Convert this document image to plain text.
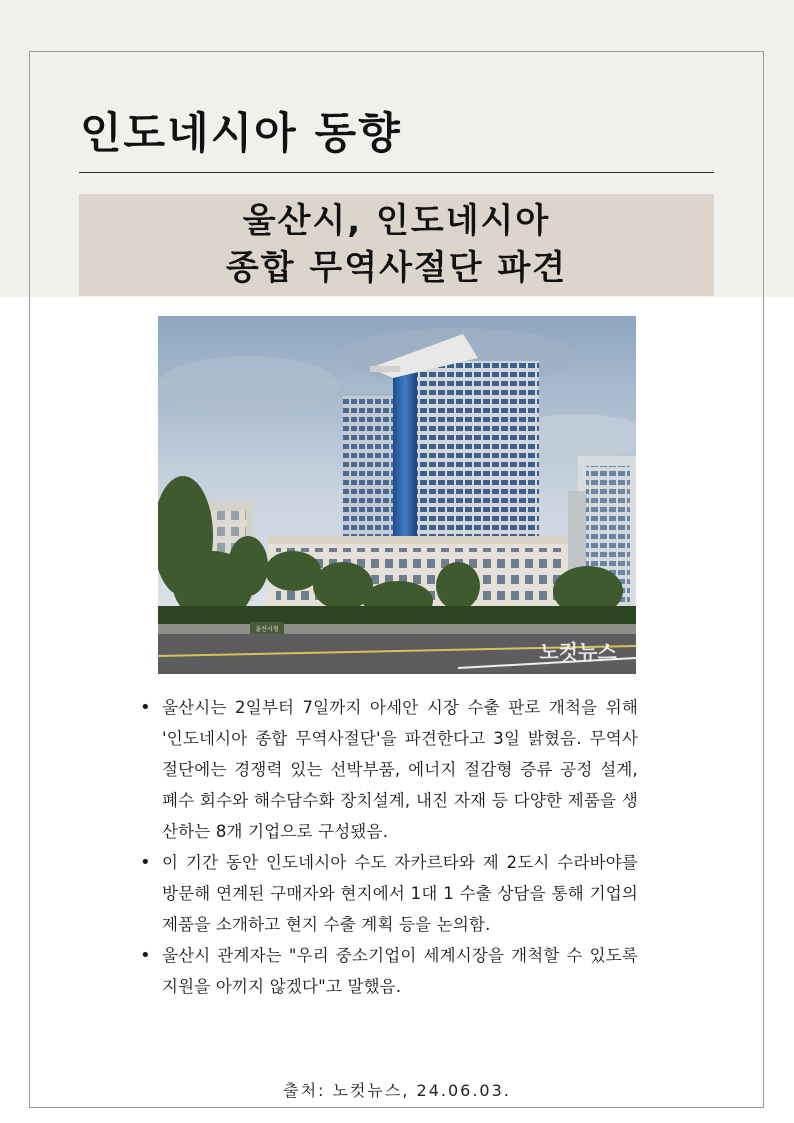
인도네시아 동향
울산시, 인도네시아
종합 무역사절단 파견
울산시청
노컷뉴스
• 울산시는 2일부터 7일까지 아세안 시장 수출 판로 개척을 위해 '인도네시아 종합 무역사절단'을 파견한다고 3일 밝혔음. 무역사절단에는 경쟁력 있는 선박부품, 에너지 절감형 증류 공정 설계, 폐수 회수와 해수담수화 장치설계, 내진 자재 등 다양한 제품을 생산하는 8개 기업으로 구성됐음.
• 이 기간 동안 인도네시아 수도 자카르타와 제 2도시 수라바야를 방문해 연계된 구매자와 현지에서 1대 1 수출 상담을 통해 기업의 제품을 소개하고 현지 수출 계획 등을 논의함.
• 울산시 관계자는 "우리 중소기업이 세계시장을 개척할 수 있도록 지원을 아끼지 않겠다"고 말했음.
출처: 노컷뉴스, 24.06.03.
